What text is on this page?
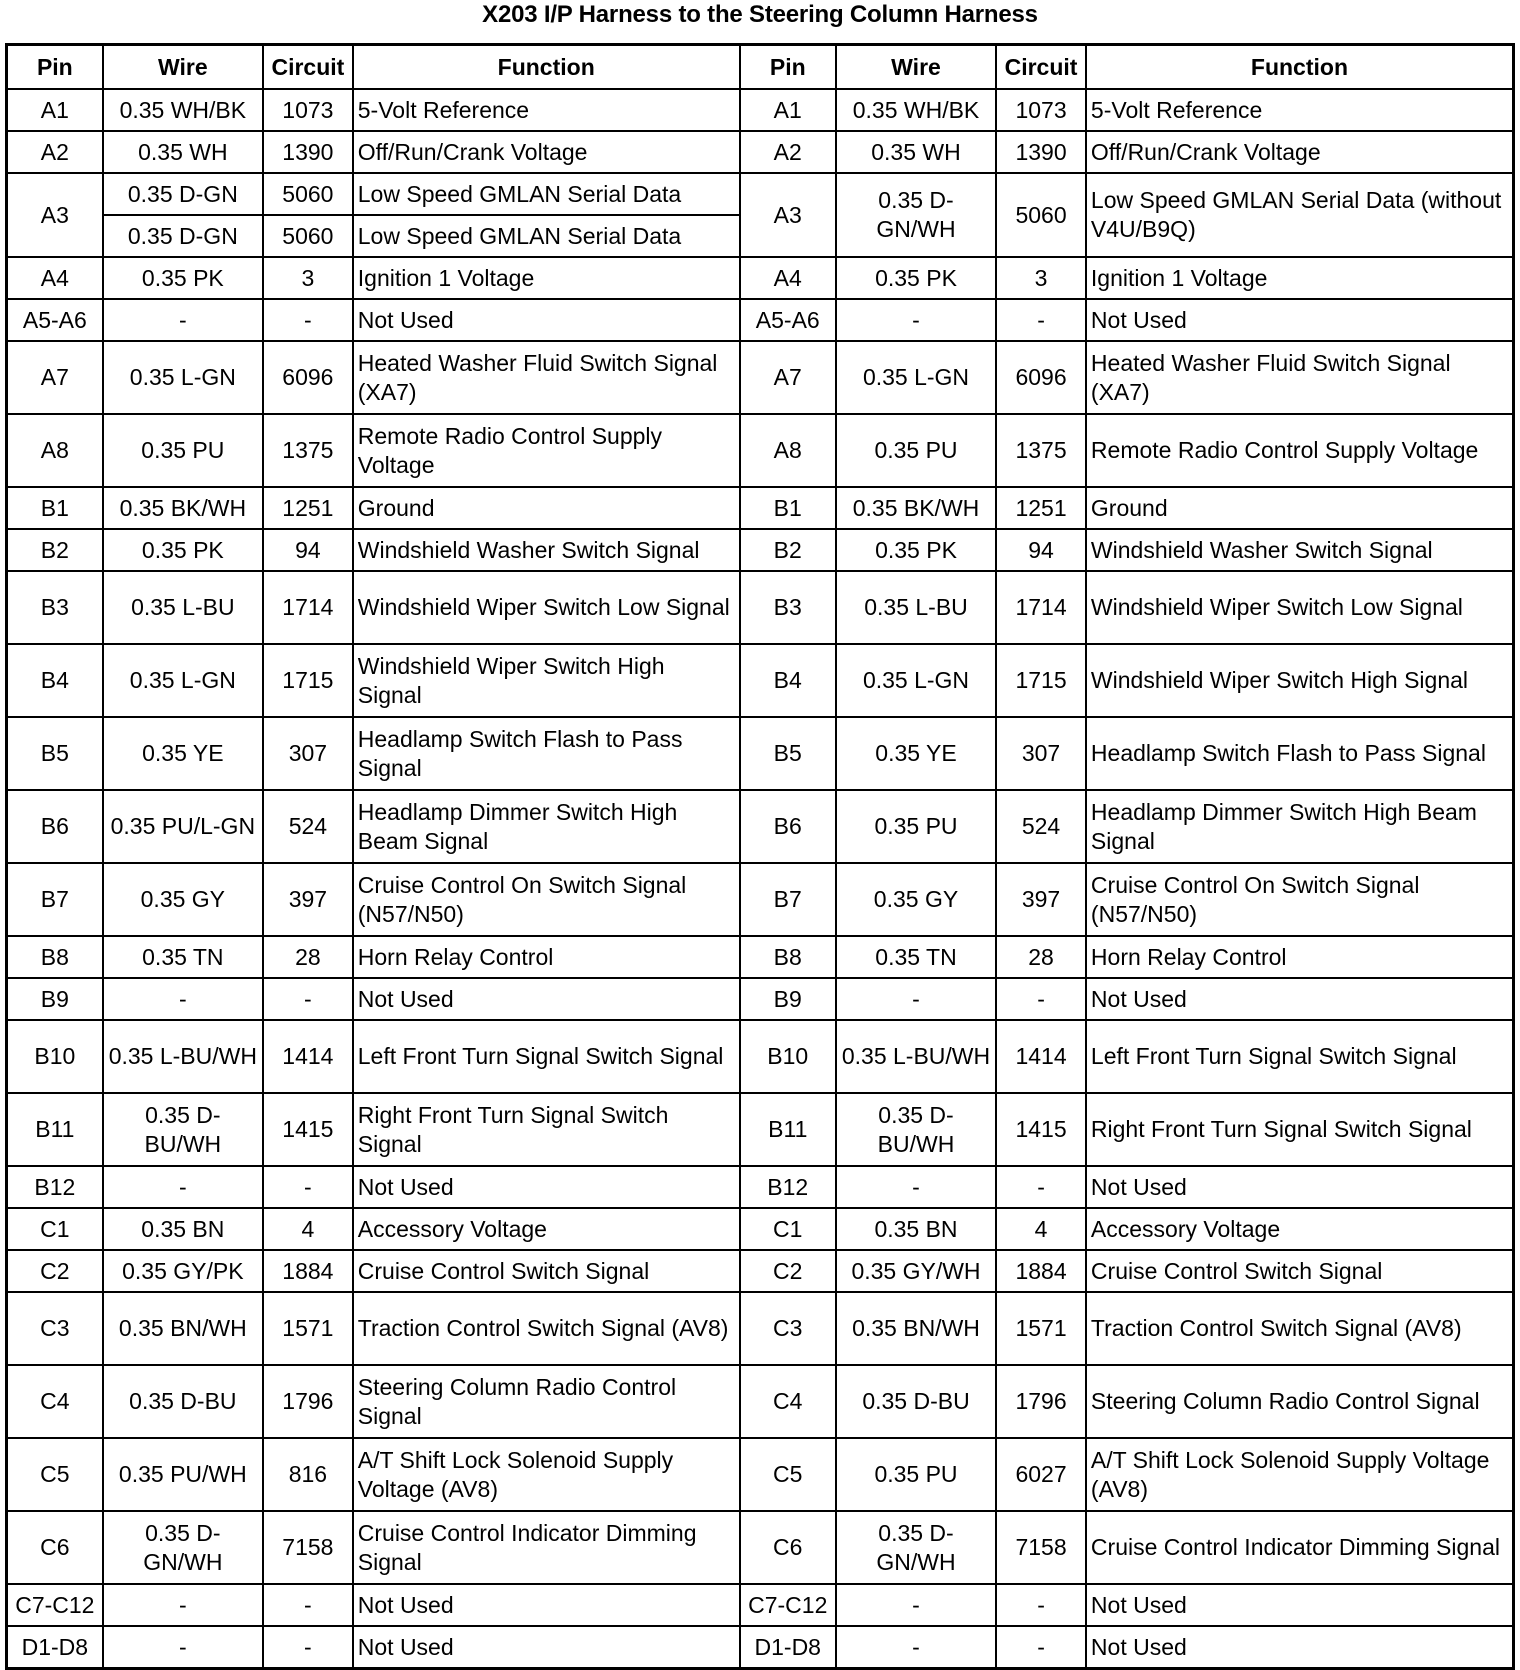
X203 I/P Harness to the Steering Column Harness
Pin	Wire	Circuit	Function	Pin	Wire	Circuit	Function
A1	0.35 WH/BK	1073	5-Volt Reference	A1	0.35 WH/BK	1073	5-Volt Reference
A2	0.35 WH	1390	Off/Run/Crank Voltage	A2	0.35 WH	1390	Off/Run/Crank Voltage
A3	0.35 D-GN	5060	Low Speed GMLAN Serial Data	A3	0.35 D-GN/WH	5060	Low Speed GMLAN Serial Data (without V4U/B9Q)
	0.35 D-GN	5060	Low Speed GMLAN Serial Data				
A4	0.35 PK	3	Ignition 1 Voltage	A4	0.35 PK	3	Ignition 1 Voltage
A5-A6	-	-	Not Used	A5-A6	-	-	Not Used
A7	0.35 L-GN	6096	Heated Washer Fluid Switch Signal (XA7)	A7	0.35 L-GN	6096	Heated Washer Fluid Switch Signal (XA7)
A8	0.35 PU	1375	Remote Radio Control Supply Voltage	A8	0.35 PU	1375	Remote Radio Control Supply Voltage
B1	0.35 BK/WH	1251	Ground	B1	0.35 BK/WH	1251	Ground
B2	0.35 PK	94	Windshield Washer Switch Signal	B2	0.35 PK	94	Windshield Washer Switch Signal
B3	0.35 L-BU	1714	Windshield Wiper Switch Low Signal	B3	0.35 L-BU	1714	Windshield Wiper Switch Low Signal
B4	0.35 L-GN	1715	Windshield Wiper Switch High Signal	B4	0.35 L-GN	1715	Windshield Wiper Switch High Signal
B5	0.35 YE	307	Headlamp Switch Flash to Pass Signal	B5	0.35 YE	307	Headlamp Switch Flash to Pass Signal
B6	0.35 PU/L-GN	524	Headlamp Dimmer Switch High Beam Signal	B6	0.35 PU	524	Headlamp Dimmer Switch High Beam Signal
B7	0.35 GY	397	Cruise Control On Switch Signal (N57/N50)	B7	0.35 GY	397	Cruise Control On Switch Signal (N57/N50)
B8	0.35 TN	28	Horn Relay Control	B8	0.35 TN	28	Horn Relay Control
B9	-	-	Not Used	B9	-	-	Not Used
B10	0.35 L-BU/WH	1414	Left Front Turn Signal Switch Signal	B10	0.35 L-BU/WH	1414	Left Front Turn Signal Switch Signal
B11	0.35 D-BU/WH	1415	Right Front Turn Signal Switch Signal	B11	0.35 D-BU/WH	1415	Right Front Turn Signal Switch Signal
B12	-	-	Not Used	B12	-	-	Not Used
C1	0.35 BN	4	Accessory Voltage	C1	0.35 BN	4	Accessory Voltage
C2	0.35 GY/PK	1884	Cruise Control Switch Signal	C2	0.35 GY/WH	1884	Cruise Control Switch Signal
C3	0.35 BN/WH	1571	Traction Control Switch Signal (AV8)	C3	0.35 BN/WH	1571	Traction Control Switch Signal (AV8)
C4	0.35 D-BU	1796	Steering Column Radio Control Signal	C4	0.35 D-BU	1796	Steering Column Radio Control Signal
C5	0.35 PU/WH	816	A/T Shift Lock Solenoid Supply Voltage (AV8)	C5	0.35 PU	6027	A/T Shift Lock Solenoid Supply Voltage (AV8)
C6	0.35 D-GN/WH	7158	Cruise Control Indicator Dimming Signal	C6	0.35 D-GN/WH	7158	Cruise Control Indicator Dimming Signal
C7-C12	-	-	Not Used	C7-C12	-	-	Not Used
D1-D8	-	-	Not Used	D1-D8	-	-	Not Used
